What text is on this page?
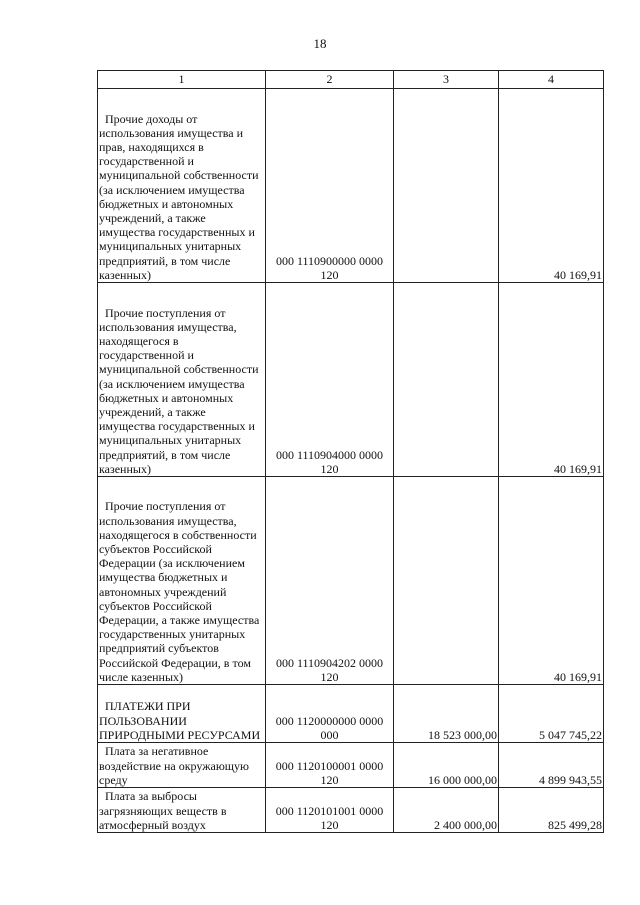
18
1	2	3	4

Прочие доходы от использования имущества и прав, находящихся в государственной и муниципальной собственности (за исключением имущества бюджетных и автономных учреждений, а также имущества государственных и муниципальных унитарных предприятий, в том числе казенных)	000 1110900000 0000 120		40 169,91

Прочие поступления от использования имущества, находящегося в государственной и муниципальной собственности (за исключением имущества бюджетных и автономных учреждений, а также имущества государственных и муниципальных унитарных предприятий, в том числе казенных)	000 1110904000 0000 120		40 169,91

Прочие поступления от использования имущества, находящегося в собственности субъектов Российской Федерации (за исключением имущества бюджетных и автономных учреждений субъектов Российской Федерации, а также имущества государственных унитарных предприятий субъектов Российской Федерации, в том числе казенных)	000 1110904202 0000 120		40 169,91

ПЛАТЕЖИ ПРИ ПОЛЬЗОВАНИИ ПРИРОДНЫМИ РЕСУРСАМИ	000 1120000000 0000 000	18 523 000,00	5 047 745,22

Плата за негативное воздействие на окружающую среду	000 1120100001 0000 120	16 000 000,00	4 899 943,55

Плата за выбросы загрязняющих веществ в атмосферный воздух	000 1120101001 0000 120	2 400 000,00	825 499,28
